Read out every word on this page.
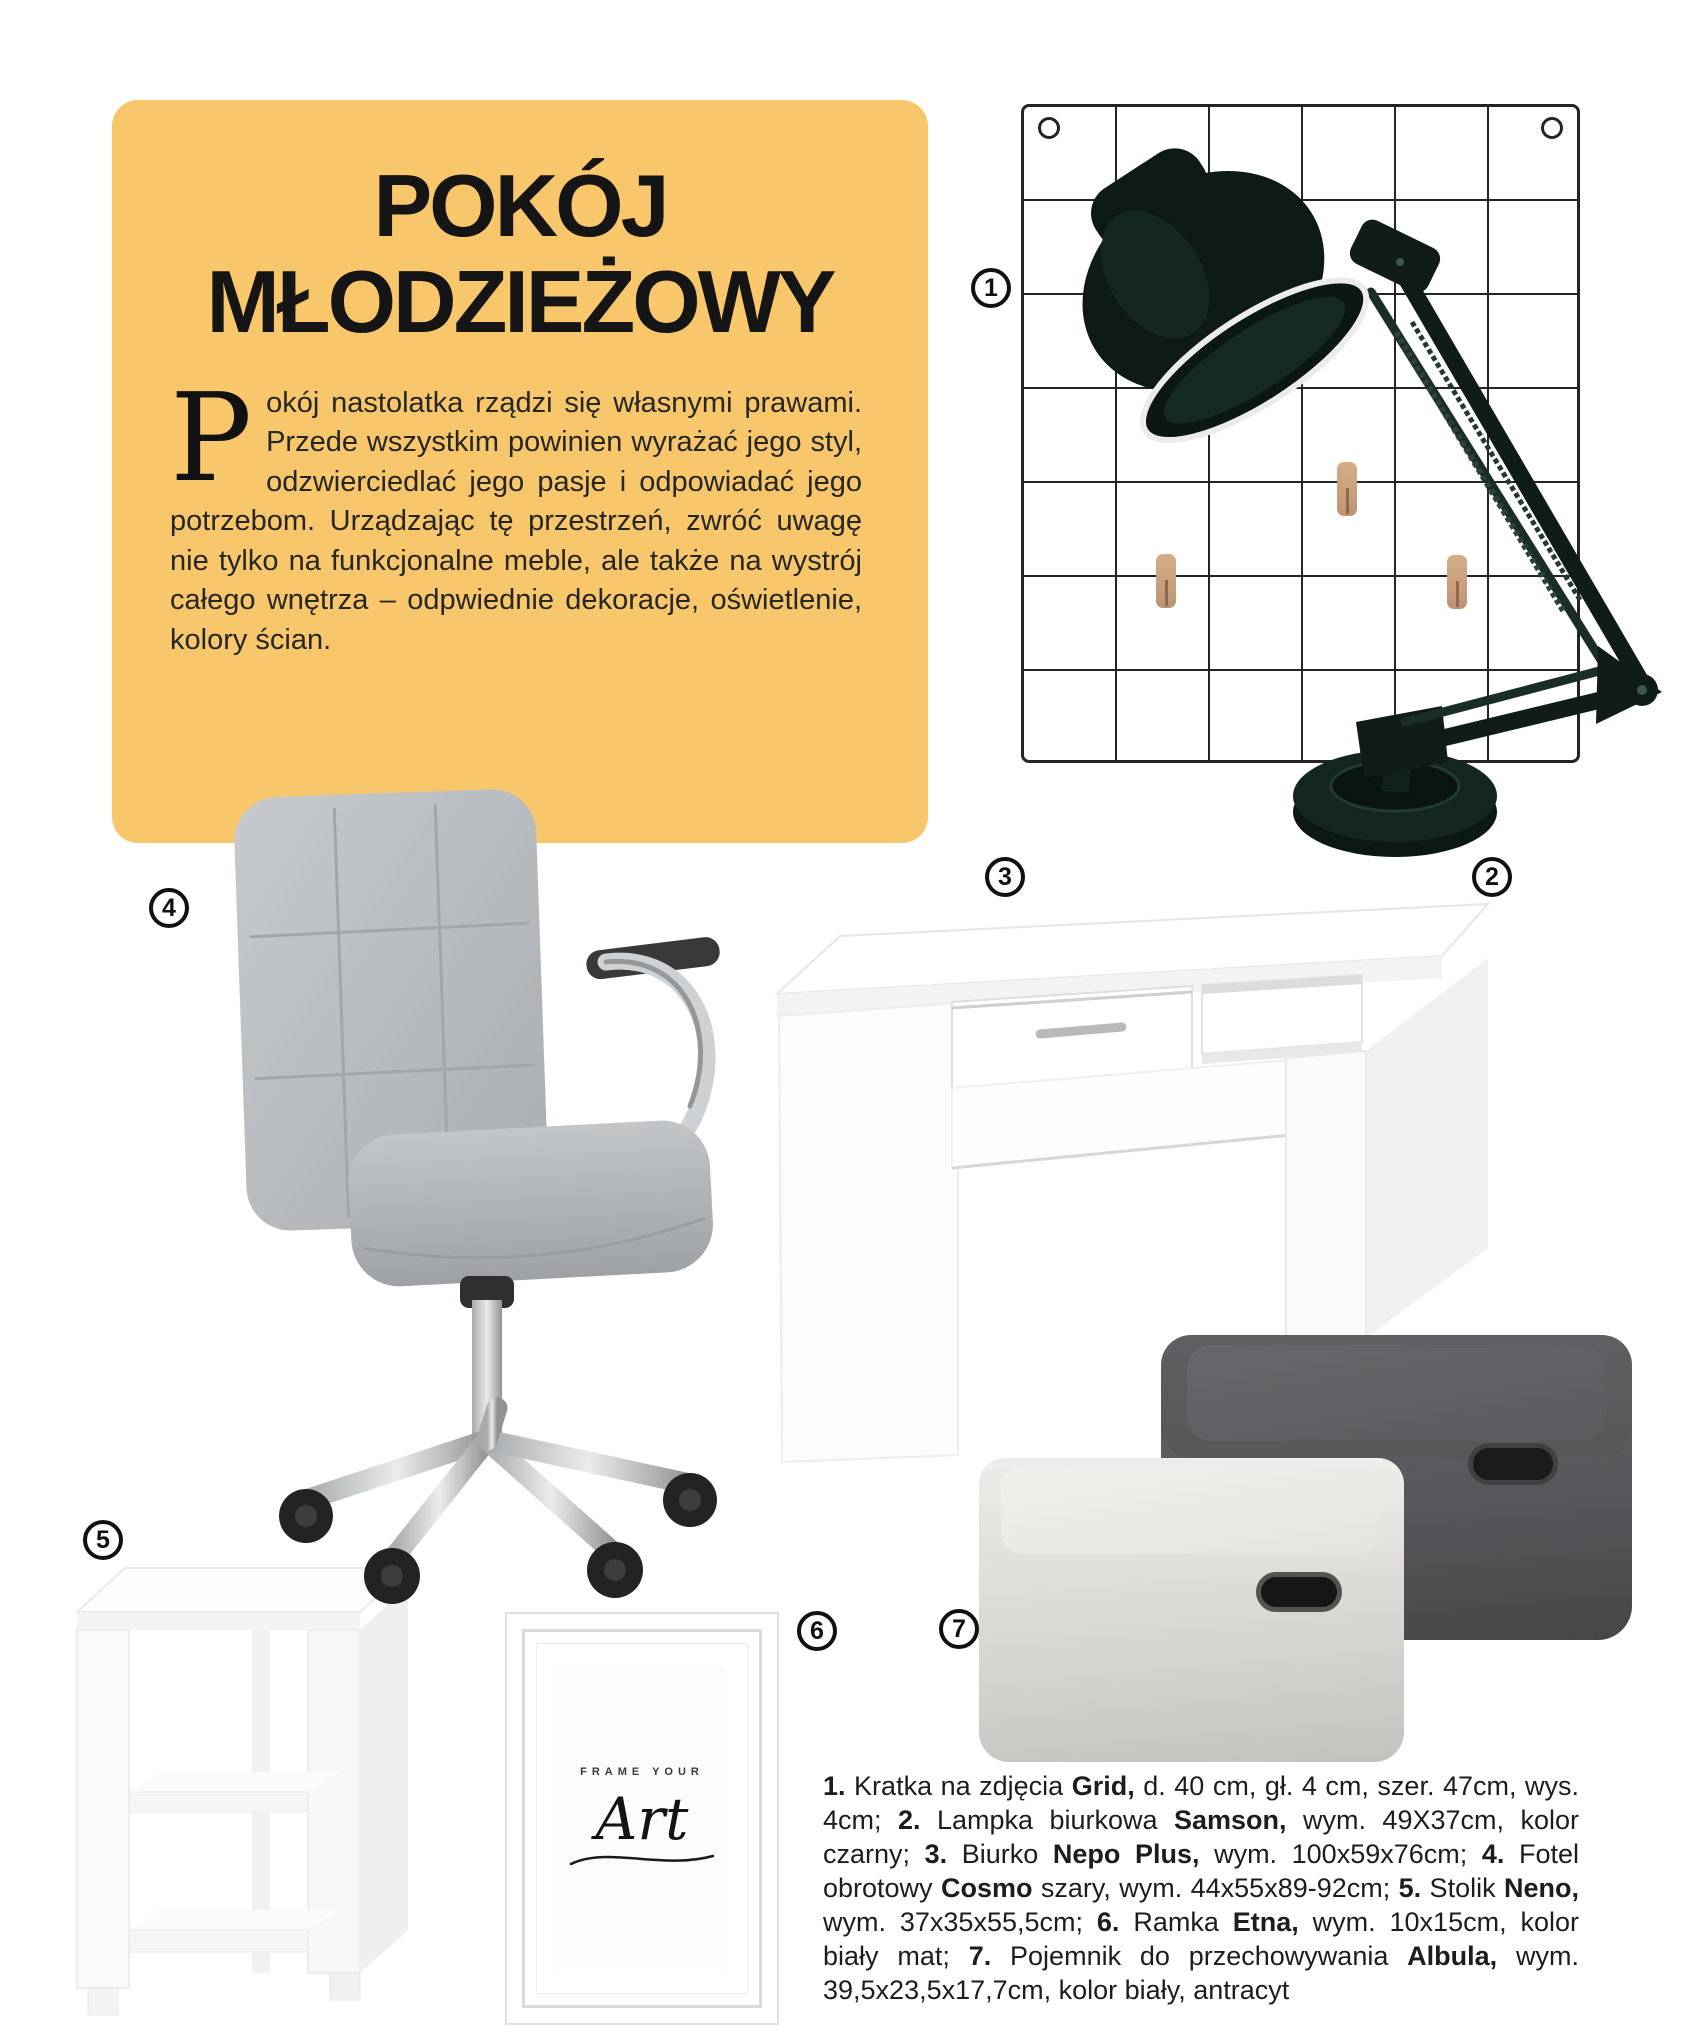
POKÓJ
MŁODZIEŻOWY
Pokój nastolatka rządzi się własnymi prawami. Przede wszystkim powinien wyrażać jego styl, odzwierciedlać jego pasje i odpowiadać jego potrzebom. Urządzając tę przestrzeń, zwróć uwagę nie tylko na funkcjonalne meble, ale także na wystrój całego wnętrza – odpwiednie dekoracje, oświetlenie, kolory ścian.
FRAME YOUR
Art
1
2
3
4
5
6	7
1. Kratka na zdjęcia Grid, d. 40 cm, gł. 4 cm, szer. 47cm, wys. 4cm; 2. Lampka biurkowa Samson, wym. 49X37cm, kolor czarny; 3. Biurko Nepo Plus, wym. 100x59x76cm; 4. Fotel obrotowy Cosmo szary, wym. 44x55x89-92cm; 5. Stolik Neno, wym. 37x35x55,5cm; 6. Ramka Etna, wym. 10x15cm, kolor biały mat; 7. Pojemnik do przechowywania Albula, wym. 39,5x23,5x17,7cm, kolor biały, antracyt
